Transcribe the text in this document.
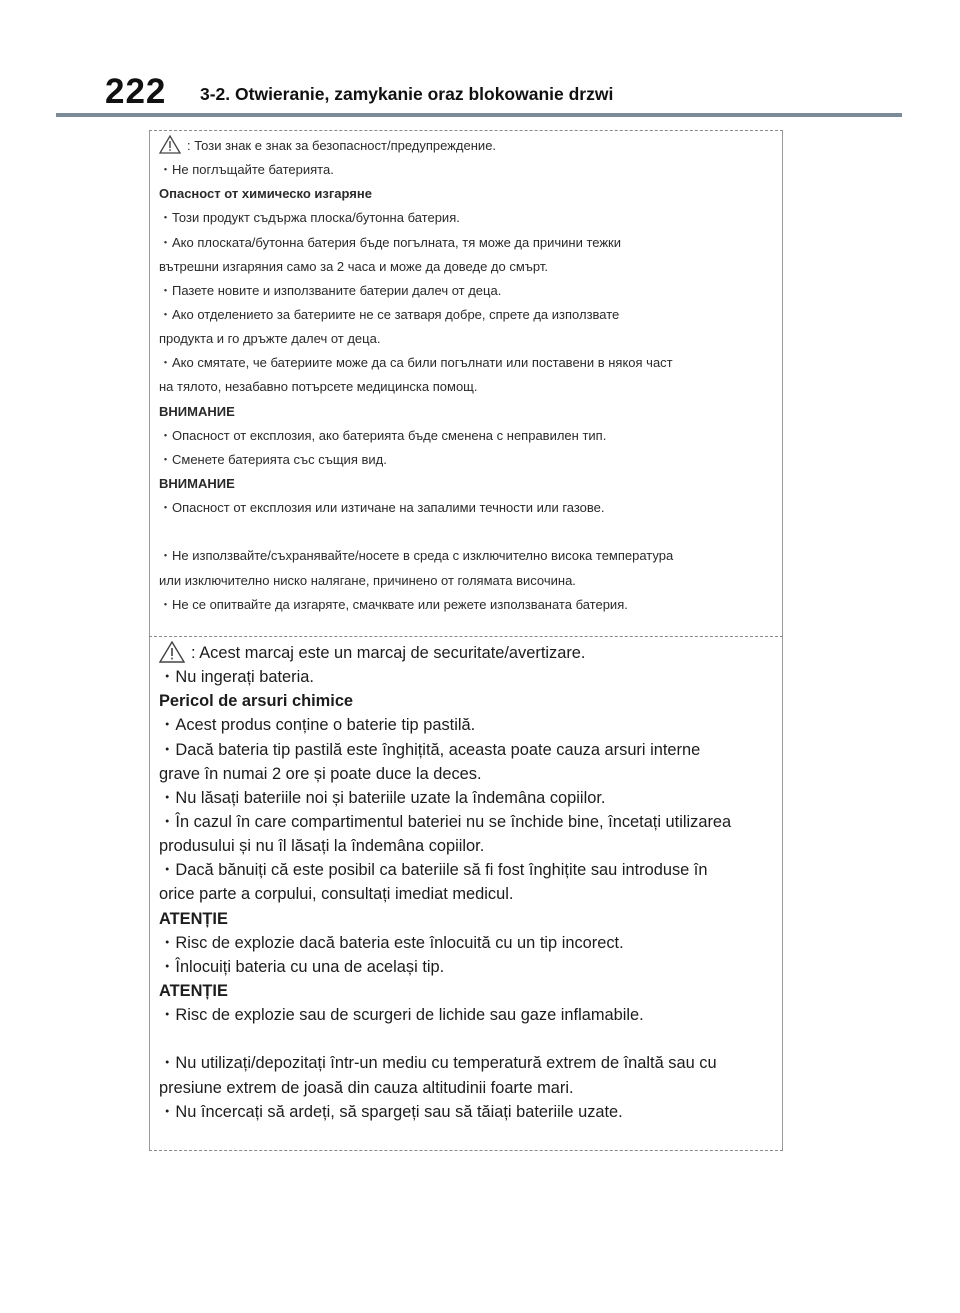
222 3-2. Otwieranie, zamykanie oraz blokowanie drzwi
: Този знак е знак за безопасност/предупреждение.
・Не поглъщайте батерията.
Опасност от химическо изгаряне
・Този продукт съдържа плоска/бутонна батерия.
・Ако плоската/бутонна батерия бъде погълната, тя може да причини тежки
вътрешни изгаряния само за 2 часа и може да доведе до смърт.
・Пазете новите и използваните батерии далеч от деца.
・Ако отделението за батериите не се затваря добре, спрете да използвате
продукта и го дръжте далеч от деца.
・Ако смятате, че батериите може да са били погълнати или поставени в някоя част
на тялото, незабавно потърсете медицинска помощ.
ВНИМАНИЕ
・Опасност от експлозия, ако батерията бъде сменена с неправилен тип.
・Сменете батерията със същия вид.
ВНИМАНИЕ
・Опасност от експлозия или изтичане на запалими течности или газове.
・Не използвайте/съхранявайте/носете в среда с изключително висока температура
или изключително ниско налягане, причинено от голямата височина.
・Не се опитвайте да изгаряте, смачквате или режете използваната батерия.
: Acest marcaj este un marcaj de securitate/avertizare.
・Nu ingerați bateria.
Pericol de arsuri chimice
・Acest produs conține o baterie tip pastilă.
・Dacă bateria tip pastilă este înghițită, aceasta poate cauza arsuri interne
grave în numai 2 ore și poate duce la deces.
・Nu lăsați bateriile noi și bateriile uzate la îndemâna copiilor.
・În cazul în care compartimentul bateriei nu se închide bine, încetați utilizarea
produsului și nu îl lăsați la îndemâna copiilor.
・Dacă bănuiți că este posibil ca bateriile să fi fost înghițite sau introduse în
orice parte a corpului, consultați imediat medicul.
ATENȚIE
・Risc de explozie dacă bateria este înlocuită cu un tip incorect.
・Înlocuiți bateria cu una de același tip.
ATENȚIE
・Risc de explozie sau de scurgeri de lichide sau gaze inflamabile.
・Nu utilizați/depozitați într-un mediu cu temperatură extrem de înaltă sau cu
presiune extrem de joasă din cauza altitudinii foarte mari.
・Nu încercați să ardeți, să spargeți sau să tăiați bateriile uzate.
